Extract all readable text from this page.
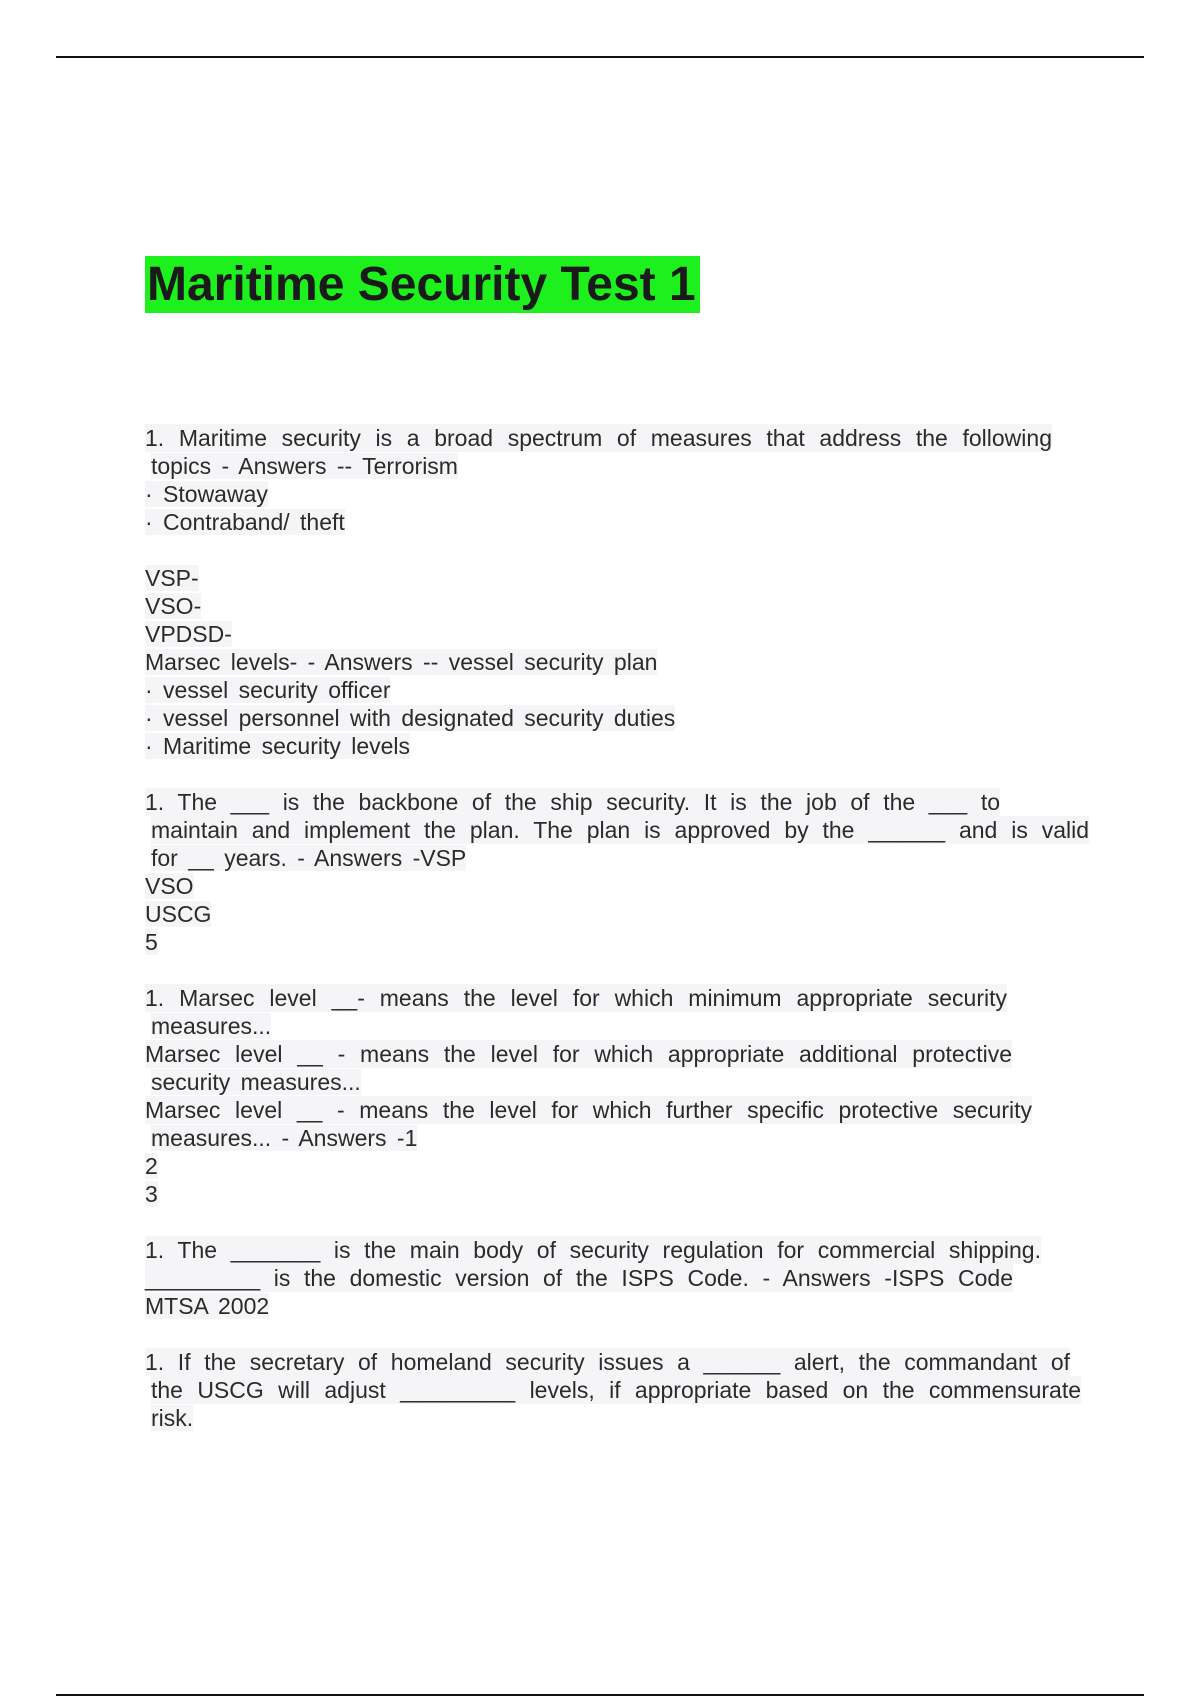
Maritime Security Test 1
1. Maritime security is a broad spectrum of measures that address the following
topics - Answers -- Terrorism
· Stowaway
· Contraband/ theft
VSP-
VSO-
VPDSD-
Marsec levels- - Answers -- vessel security plan
· vessel security officer
· vessel personnel with designated security duties
· Maritime security levels
1. The ___ is the backbone of the ship security. It is the job of the ___ to
maintain and implement the plan. The plan is approved by the ______ and is valid
for __ years. - Answers -VSP
VSO
USCG
5
1. Marsec level __- means the level for which minimum appropriate security
measures...
Marsec level __ - means the level for which appropriate additional protective
security measures...
Marsec level __ - means the level for which further specific protective security
measures... - Answers -1
2
3
1. The _______ is the main body of security regulation for commercial shipping.
_________ is the domestic version of the ISPS Code. - Answers -ISPS Code
MTSA 2002
1. If the secretary of homeland security issues a ______ alert, the commandant of
the USCG will adjust _________ levels, if appropriate based on the commensurate
risk.
